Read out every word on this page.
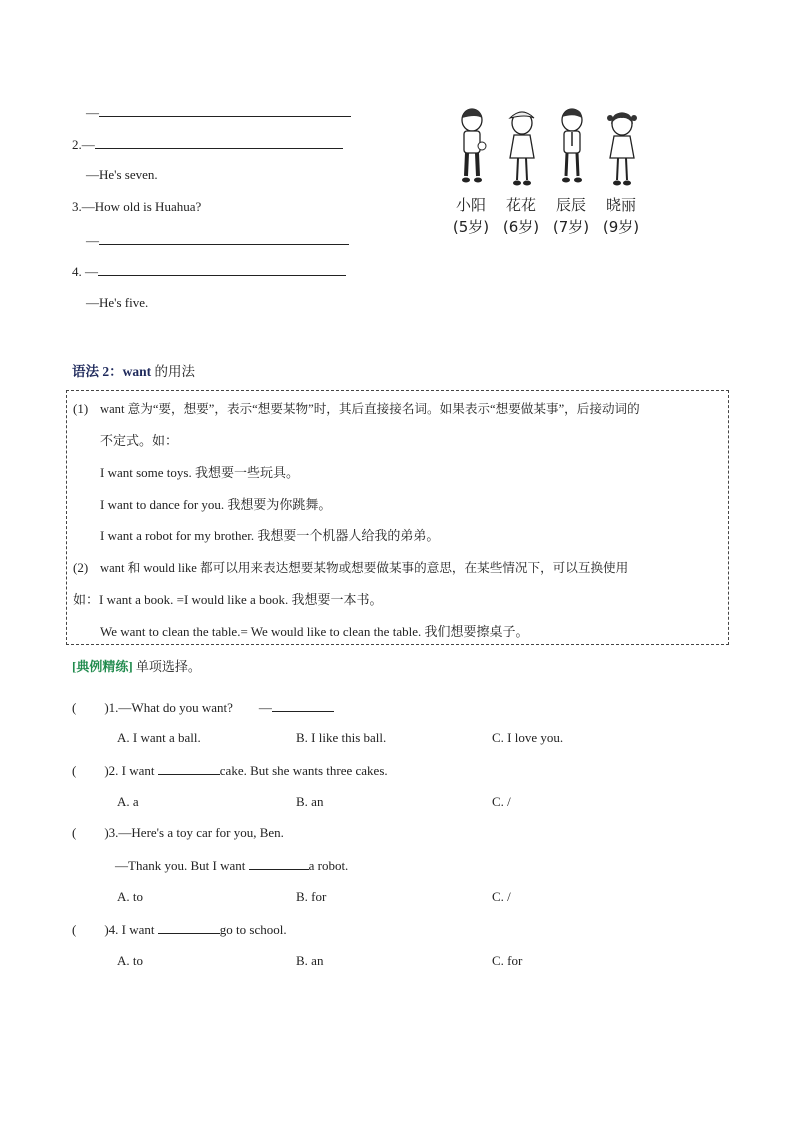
—
2.—
—He's seven.
3.—How old is Huahua?
—
4. —
—He's five.
小阳	花花	辰辰	晓丽
(5岁) (6岁) (7岁) (9岁)
语法 2：want 的用法
(1) want 意为“要，想要”，表示“想要某物”时，其后直接接名词。如果表示“想要做某事”，后接动词的
不定式。如：
I want some toys. 我想要一些玩具。
I want to dance for you. 我想要为你跳舞。
I want a robot for my brother. 我想要一个机器人给我的弟弟。
(2) want 和 would like 都可以用来表达想要某物或想要做某事的意思，在某些情况下，可以互换使用
如：I want a book. =I would like a book. 我想要一本书。
We want to clean the table.= We would like to clean the table. 我们想要擦桌子。
[典例精练] 单项选择。
( )1.—What do you want? —
A. I want a ball.	B. I like this ball.	C. I love you.
( )2. I want	cake. But she wants three cakes.
A. a	B. an	C. /
( )3.—Here's a toy car for you, Ben.
—Thank you. But I want	a robot.
A. to	B. for	C. /
( )4. I want	go to school.
A. to	B. an	C. for
